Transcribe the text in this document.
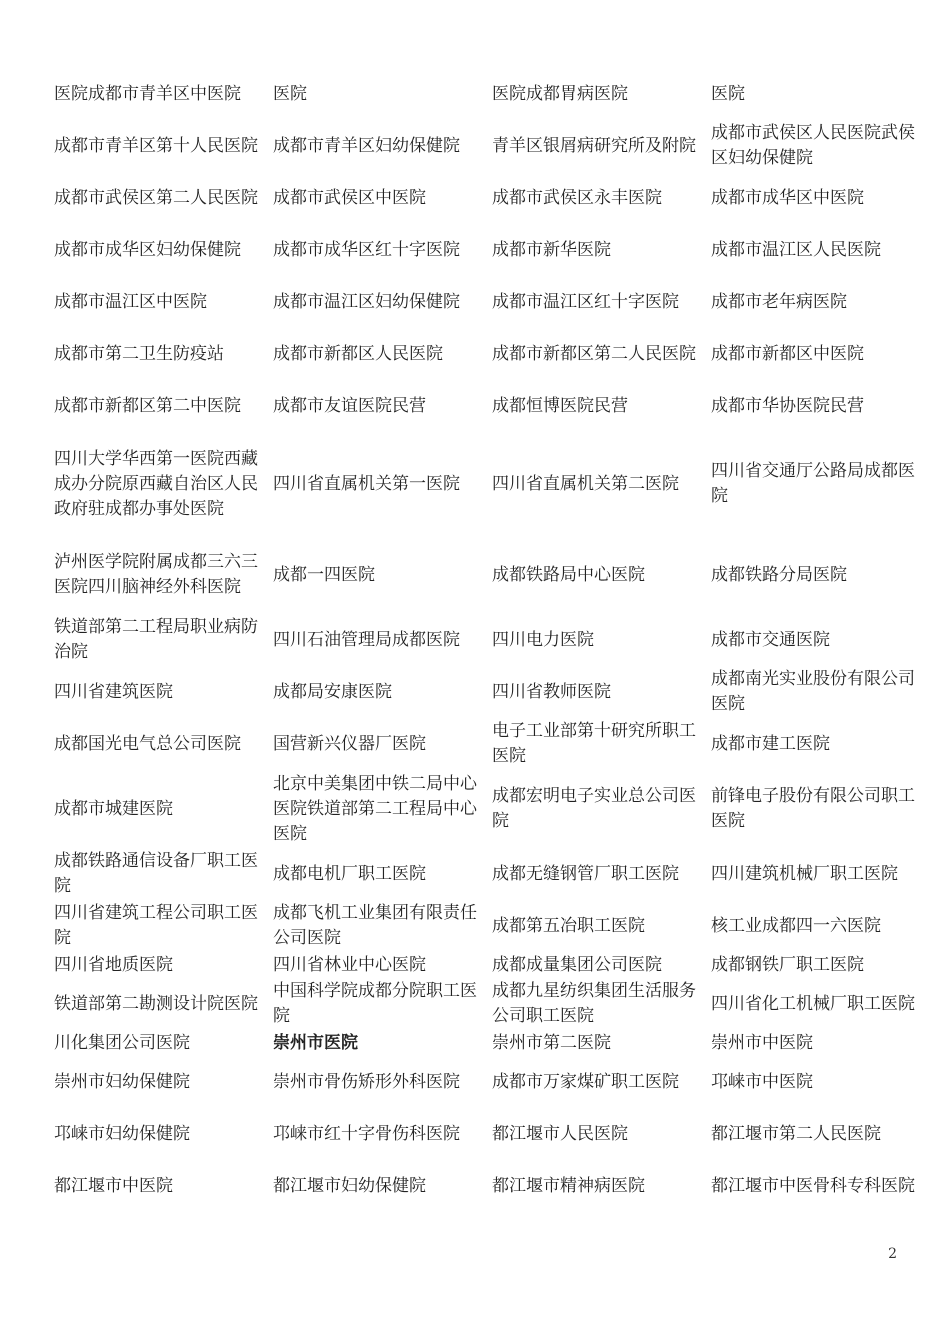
医院成都市青羊区中医院	医院	医院成都胃病医院	医院
成都市青羊区第十人民医院	成都市青羊区妇幼保健院	青羊区银屑病研究所及附院	成都市武侯区人民医院武侯区妇幼保健院
成都市武侯区第二人民医院	成都市武侯区中医院	成都市武侯区永丰医院	成都市成华区中医院
成都市成华区妇幼保健院	成都市成华区红十字医院	成都市新华医院	成都市温江区人民医院
成都市温江区中医院	成都市温江区妇幼保健院	成都市温江区红十字医院	成都市老年病医院
成都市第二卫生防疫站	成都市新都区人民医院	成都市新都区第二人民医院	成都市新都区中医院
成都市新都区第二中医院	成都市友谊医院民营	成都恒博医院民营	成都市华协医院民营
四川大学华西第一医院西藏成办分院原西藏自治区人民政府驻成都办事处医院	四川省直属机关第一医院	四川省直属机关第二医院	四川省交通厅公路局成都医院
泸州医学院附属成都三六三医院四川脑神经外科医院	成都一四医院	成都铁路局中心医院	成都铁路分局医院
铁道部第二工程局职业病防治院	四川石油管理局成都医院	四川电力医院	成都市交通医院
四川省建筑医院	成都局安康医院	四川省教师医院	成都南光实业股份有限公司医院
成都国光电气总公司医院	国营新兴仪器厂医院	电子工业部第十研究所职工医院	成都市建工医院
成都市城建医院	北京中美集团中铁二局中心医院铁道部第二工程局中心医院	成都宏明电子实业总公司医院	前锋电子股份有限公司职工医院
成都铁路通信设备厂职工医院	成都电机厂职工医院	成都无缝钢管厂职工医院	四川建筑机械厂职工医院
四川省建筑工程公司职工医院	成都飞机工业集团有限责任公司医院	成都第五冶职工医院	核工业成都四一六医院
四川省地质医院	四川省林业中心医院	成都成量集团公司医院	成都钢铁厂职工医院
铁道部第二勘测设计院医院	中国科学院成都分院职工医院	成都九星纺织集团生活服务公司职工医院	四川省化工机械厂职工医院
川化集团公司医院	崇州市医院	崇州市第二医院	崇州市中医院
崇州市妇幼保健院	崇州市骨伤矫形外科医院	成都市万家煤矿职工医院	邛崃市中医院
邛崃市妇幼保健院	邛崃市红十字骨伤科医院	都江堰市人民医院	都江堰市第二人民医院
都江堰市中医院	都江堰市妇幼保健院	都江堰市精神病医院	都江堰市中医骨科专科医院
2
